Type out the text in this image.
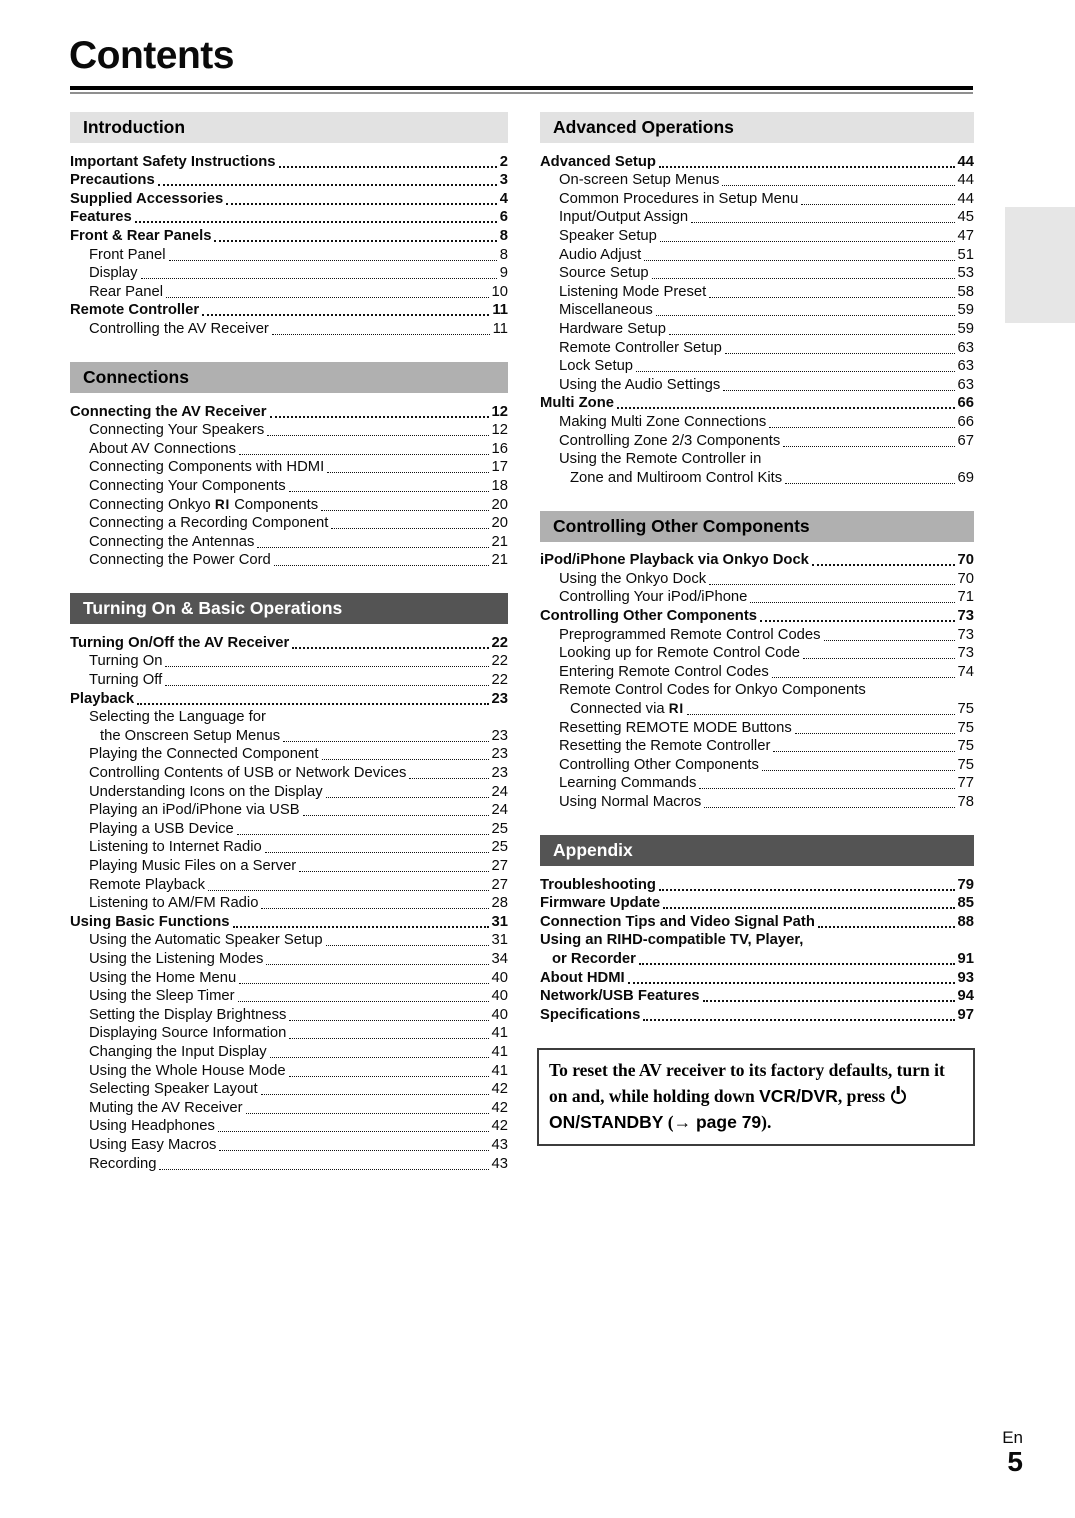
Contents
Introduction
Important Safety Instructions	2
Precautions	3
Supplied Accessories	4
Features	6
Front & Rear Panels	8
Front Panel	8
Display	9
Rear Panel	10
Remote Controller	11
Controlling the AV Receiver	11
Connections
Connecting the AV Receiver	12
Connecting Your Speakers	12
About AV Connections	16
Connecting Components with HDMI	17
Connecting Your Components	18
Connecting Onkyo RI Components	20
Connecting a Recording Component	20
Connecting the Antennas	21
Connecting the Power Cord	21
Turning On & Basic Operations
Turning On/Off the AV Receiver	22
Turning On	22
Turning Off	22
Playback	23
Selecting the Language for
the Onscreen Setup Menus	23
Playing the Connected Component	23
Controlling Contents of USB or Network Devices	23
Understanding Icons on the Display	24
Playing an iPod/iPhone via USB	24
Playing a USB Device	25
Listening to Internet Radio	25
Playing Music Files on a Server	27
Remote Playback	27
Listening to AM/FM Radio	28
Using Basic Functions	31
Using the Automatic Speaker Setup	31
Using the Listening Modes	34
Using the Home Menu	40
Using the Sleep Timer	40
Setting the Display Brightness	40
Displaying Source Information	41
Changing the Input Display	41
Using the Whole House Mode	41
Selecting Speaker Layout	42
Muting the AV Receiver	42
Using Headphones	42
Using Easy Macros	43
Recording	43
Advanced Operations
Advanced Setup	44
On-screen Setup Menus	44
Common Procedures in Setup Menu	44
Input/Output Assign	45
Speaker Setup	47
Audio Adjust	51
Source Setup	53
Listening Mode Preset	58
Miscellaneous	59
Hardware Setup	59
Remote Controller Setup	63
Lock Setup	63
Using the Audio Settings	63
Multi Zone	66
Making Multi Zone Connections	66
Controlling Zone 2/3 Components	67
Using the Remote Controller in
Zone and Multiroom Control Kits	69
Controlling Other Components
iPod/iPhone Playback via Onkyo Dock	70
Using the Onkyo Dock	70
Controlling Your iPod/iPhone	71
Controlling Other Components	73
Preprogrammed Remote Control Codes	73
Looking up for Remote Control Code	73
Entering Remote Control Codes	74
Remote Control Codes for Onkyo Components
Connected via RI	75
Resetting REMOTE MODE Buttons	75
Resetting the Remote Controller	75
Controlling Other Components	75
Learning Commands	77
Using Normal Macros	78
Appendix
Troubleshooting	79
Firmware Update	85
Connection Tips and Video Signal Path	88
Using an RIHD-compatible TV, Player,
or Recorder	91
About HDMI	93
Network/USB Features	94
Specifications	97
To reset the AV receiver to its factory defaults, turn it on and, while holding down VCR/DVR, press ON/STANDBY (→ page 79).
En
5
